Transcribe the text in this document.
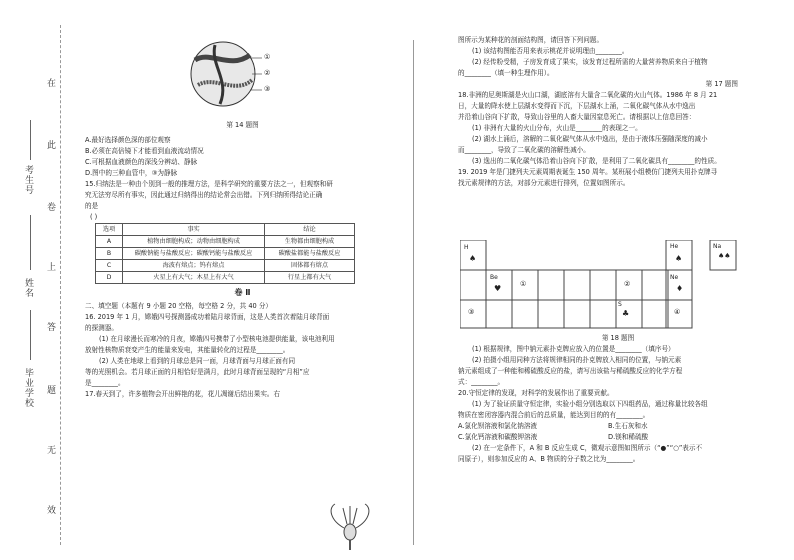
在
此
卷
上
答
题
无
效
考生号
姓名
毕业学校
①
②
③

第 14 题图

A.最好选择颜色深的部位观察

B.必须在高倍镜下才能看到血液流动情况

C.可根据血液颜色的深浅分辨动、静脉

D.图中的三种血管中，③为静脉

15.归纳法是一种由个别到一般的推理方法，是科学研究的重要方法之一，但观察和研

究无法穷尽所有事实，因此通过归纳得出的结论常会出错。下列归纳所得结论正确

的是

( )

选项	事实	结论
A	植物由细胞构成；动物由细胞构成	生物都由细胞构成
B	碳酸钠能与盐酸反应；碳酸钙能与盐酸反应	碳酸盐都能与盐酸反应
C	海波有熔点；钨有熔点	固体都有熔点
D	火星上有大气；木星上有大气	行星上都有大气

卷 Ⅱ

二、填空题（本题有 9 小题 20 空格，每空格 2 分，共 40 分）

16. 2019 年 1 月，嫦娥四号探测器成功着陆月球背面，这是人类首次着陆月球背面

的探测器。

(1) 在月球漫长而寒冷的月夜，嫦娥四号携带了小型核电池提供能量，该电池利用

放射性核物质衰变产生的能量来发电，其能量转化的过程是________。

(2) 人类在地球上看到的月球总是同一面，月球背面与月球正面有同

等的光照机会。若月球正面的月相恰好是满月，此时月球背面呈现的“月相”应

是________。

17.春天到了，许多植物会开出鲜艳的花，花儿凋谢后结出果实。右

图所示为某种花的剖面结构图，请回答下列问题。

(1) 该结构图能否用来表示桃花并说明理由________。

(2) 经传粉受精，子房发育成了果实，该发育过程所需的大量营养物质来自于植物

的________（填一种生理作用）。

第 17 题图

18.非洲的尼奥斯湖是火山口湖，湖底溶有大量含二氧化碳的火山气体。1986 年 8 月 21

日，大量的降水使上层湖水变得而下沉，下层湖水上涌，二氧化碳气体从水中逸出

并沿着山谷向下扩散，导致山谷里的人畜大量因窒息死亡。请根据以上信息回答：

(1) 非洲有大量的火山分布，火山是________的表现之一。

(2) 湖水上涌后，溶解的二氧化碳气体从水中逸出，是由于液体压强随深度的减小

而________，导致了二氧化碳的溶解性减小。

(3) 逸出的二氧化碳气体沿着山谷向下扩散，是利用了二氧化碳具有________的性质。

19. 2019 年是门捷列夫元素周期表诞生 150 周年。某班展小组模仿门捷列夫用扑克牌寻

找元素规律的方法，对部分元素进行排列，位置如图所示。

H
♠
He
♠
Na
♠♠
Be
♥	①	②
Ne
♦
③
S
♣	④

第 18 题图

(1) 根据规律，图中钠元素扑克牌应放入的位置是________（填序号）

(2) 拍摄小组用同种方法将规律相同的扑克牌放入相同的位置，与钠元素

钠元素组成了一种能和稀硫酸反应的盐，请写出该盐与稀硫酸反应的化学方程

式：________。

20.守恒定律的发现，对科学的发展作出了重要贡献。

(1) 为了验证质量守恒定律，实验小组分别选取以下四组药品，通过称量比较各组

物质在密闭容器内混合前后的总质量，能达到目的的有________。

A.氯化钡溶液和氯化钠溶液	B.生石灰和水

C.氯化钙溶液和碳酸钾溶液	D.镁和稀硫酸

(2) 在一定条件下，A 和 B 反应生成 C，微观示意图如图所示（“●”“○”表示不

同原子），则参加反应的 A、B 物质的分子数之比为________。
